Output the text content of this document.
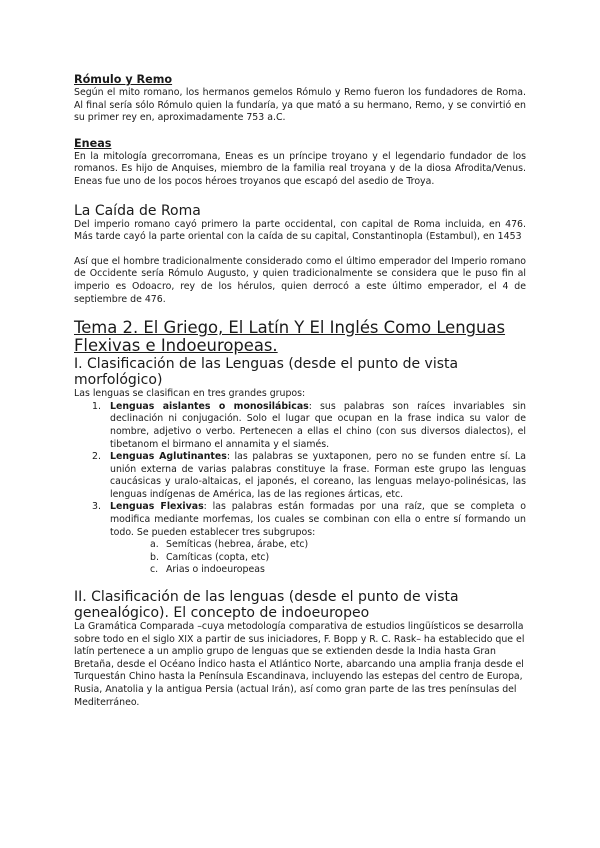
Rómulo y Remo

Según el mito romano, los hermanos gemelos Rómulo y Remo fueron los fundadores de Roma. Al final sería sólo Rómulo quien la fundaría, ya que mató a su hermano, Remo, y se convirtió en su primer rey en, aproximadamente 753 a.C.

Eneas

En la mitología grecorromana, Eneas es un príncipe troyano y el legendario fundador de los romanos. Es hijo de Anquises, miembro de la familia real troyana y de la diosa Afrodita/Venus. Eneas fue uno de los pocos héroes troyanos que escapó del asedio de Troya.

La Caída de Roma

Del imperio romano cayó primero la parte occidental, con capital de Roma incluida, en 476. Más tarde cayó la parte oriental con la caída de su capital, Constantinopla (Estambul), en 1453

Así que el hombre tradicionalmente considerado como el último emperador del Imperio romano de Occidente sería Rómulo Augusto, y quien tradicionalmente se considera que le puso fin al imperio es Odoacro, rey de los hérulos, quien derrocó a este último emperador, el 4 de septiembre de 476.

Tema 2. El Griego, El Latín Y El Inglés Como Lenguas Flexivas e Indoeuropeas.
I. Clasificación de las Lenguas (desde el punto de vista morfológico)

Las lenguas se clasifican en tres grandes grupos:

1. Lenguas aislantes o monosilábicas: sus palabras son raíces invariables sin declinación ni conjugación. Solo el lugar que ocupan en la frase indica su valor de nombre, adjetivo o verbo. Pertenecen a ellas el chino (con sus diversos dialectos), el tibetanom el birmano el annamita y el siamés.
2. Lenguas Aglutinantes: las palabras se yuxtaponen, pero no se funden entre sí. La unión externa de varias palabras constituye la frase. Forman este grupo las lenguas caucásicas y uralo-altaicas, el japonés, el coreano, las lenguas melayo-polinésicas, las lenguas indígenas de América, las de las regiones árticas, etc.
3. Lenguas Flexivas: las palabras están formadas por una raíz, que se completa o modifica mediante morfemas, los cuales se combinan con ella o entre sí formando un todo. Se pueden establecer tres subgrupos:
a. Semíticas (hebrea, árabe, etc)
b. Camíticas (copta, etc)
c. Arias o indoeuropeas
II. Clasificación de las lenguas (desde el punto de vista genealógico). El concepto de indoeuropeo

La Gramática Comparada –cuya metodología comparativa de estudios lingüísticos se desarrolla sobre todo en el siglo XIX a partir de sus iniciadores, F. Bopp y R. C. Rask– ha establecido que el latín pertenece a un amplio grupo de lenguas que se extienden desde la India hasta Gran Bretaña, desde el Océano Índico hasta el Atlántico Norte, abarcando una amplia franja desde el Turquestán Chino hasta la Península Escandinava, incluyendo las estepas del centro de Europa, Rusia, Anatolia y la antigua Persia (actual Irán), así como gran parte de las tres penínsulas del Mediterráneo.
